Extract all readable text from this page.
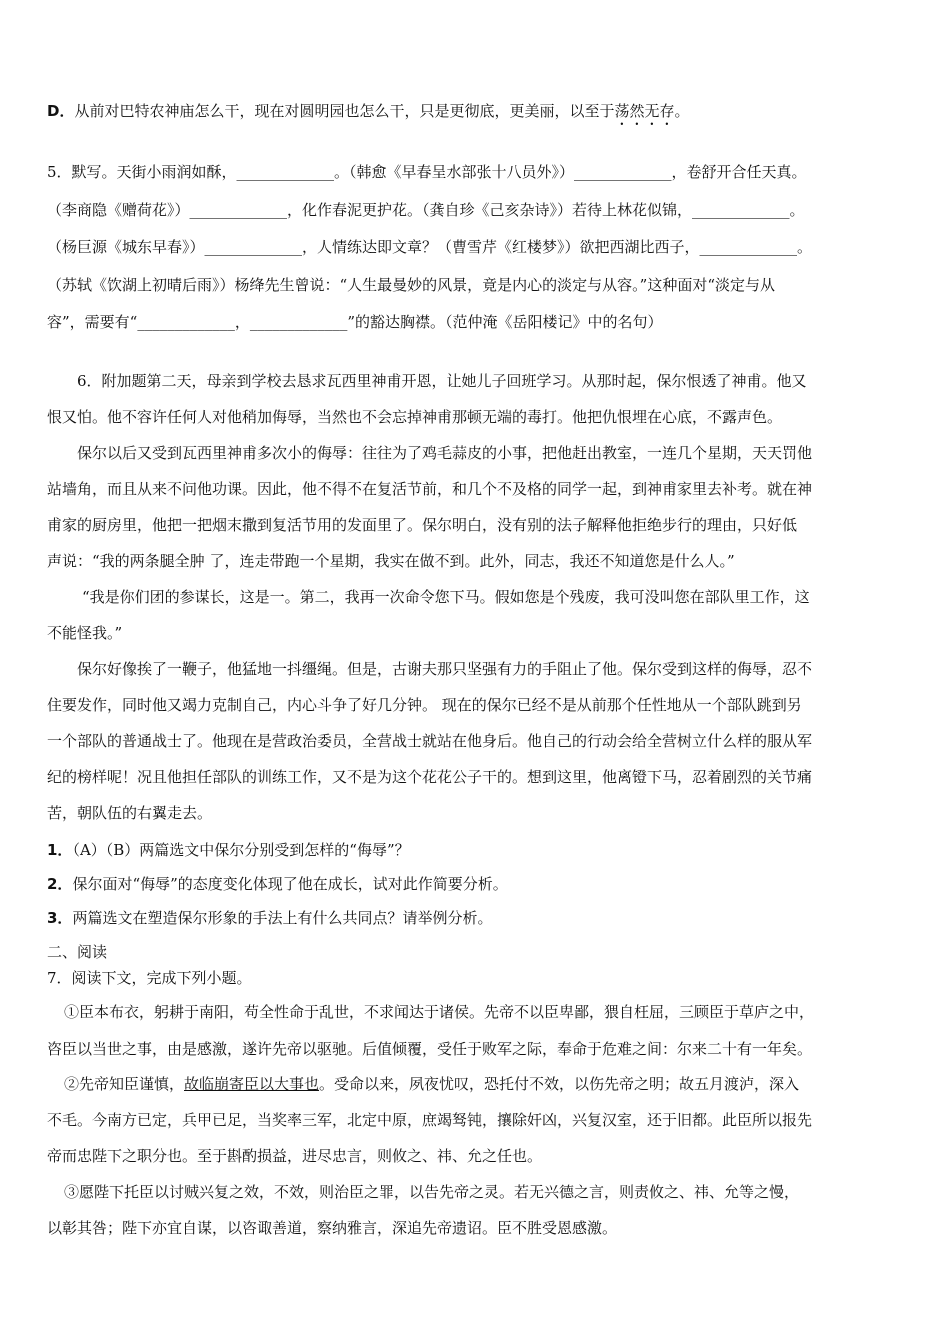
D．从前对巴特农神庙怎么干，现在对圆明园也怎么干，只是更彻底，更美丽，以至于荡然无存。
5．默写。天街小雨润如酥，_____________。（韩愈《早春呈水部张十八员外》）_____________，卷舒开合任天真。
（李商隐《赠荷花》）_____________，化作春泥更护花。（龚自珍《己亥杂诗》）若待上林花似锦，_____________。
（杨巨源《城东早春》）_____________，人情练达即文章？（曹雪芹《红楼梦》）欲把西湖比西子，_____________。
（苏轼《饮湖上初晴后雨》）杨绛先生曾说：“人生最曼妙的风景，竟是内心的淡定与从容。”这种面对“淡定与从
容”，需要有“_____________，_____________”的豁达胸襟。（范仲淹《岳阳楼记》中的名句）
6．附加题第二天，母亲到学校去恳求瓦西里神甫开恩，让她儿子回班学习。从那时起，保尔恨透了神甫。他又
恨又怕。他不容许任何人对他稍加侮辱，当然也不会忘掉神甫那顿无端的毒打。他把仇恨埋在心底，不露声色。
保尔以后又受到瓦西里神甫多次小的侮辱：往往为了鸡毛蒜皮的小事，把他赶出教室，一连几个星期，天天罚他
站墙角，而且从来不问他功课。因此，他不得不在复活节前，和几个不及格的同学一起，到神甫家里去补考。就在神
甫家的厨房里，他把一把烟末撒到复活节用的发面里了。保尔明白，没有别的法子解释他拒绝步行的理由，只好低
声说：“我的两条腿全肿 了，连走带跑一个星期，我实在做不到。此外，同志，我还不知道您是什么人。”
“我是你们团的参谋长，这是一。第二，我再一次命令您下马。假如您是个残废，我可没叫您在部队里工作，这
不能怪我。”
保尔好像挨了一鞭子，他猛地一抖缰绳。但是，古谢夫那只坚强有力的手阻止了他。保尔受到这样的侮辱，忍不
住要发作，同时他又竭力克制自己，内心斗争了好几分钟。 现在的保尔已经不是从前那个任性地从一个部队跳到另
一个部队的普通战士了。他现在是营政治委员，全营战士就站在他身后。他自己的行动会给全营树立什么样的服从军
纪的榜样呢！况且他担任部队的训练工作，又不是为这个花花公子干的。想到这里，他离镫下马，忍着剧烈的关节痛
苦，朝队伍的右翼走去。
1．（A）（B）两篇选文中保尔分别受到怎样的“侮辱”？
2．保尔面对“侮辱”的态度变化体现了他在成长，试对此作简要分析。
3．两篇选文在塑造保尔形象的手法上有什么共同点？请举例分析。
二、阅读
7．阅读下文，完成下列小题。
①臣本布衣，躬耕于南阳，苟全性命于乱世，不求闻达于诸侯。先帝不以臣卑鄙，猥自枉屈，三顾臣于草庐之中，
咨臣以当世之事，由是感激，遂许先帝以驱驰。后值倾覆，受任于败军之际，奉命于危难之间：尔来二十有一年矣。
②先帝知臣谨慎，故临崩寄臣以大事也。受命以来，夙夜忧叹，恐托付不效，以伤先帝之明；故五月渡泸，深入
不毛。今南方已定，兵甲已足，当奖率三军，北定中原，庶竭驽钝，攘除奸凶，兴复汉室，还于旧都。此臣所以报先
帝而忠陛下之职分也。至于斟酌损益，进尽忠言，则攸之、祎、允之任也。
③愿陛下托臣以讨贼兴复之效，不效，则治臣之罪，以告先帝之灵。若无兴德之言，则责攸之、祎、允等之慢，
以彰其咎；陛下亦宜自谋，以咨诹善道，察纳雅言，深追先帝遗诏。臣不胜受恩感激。
